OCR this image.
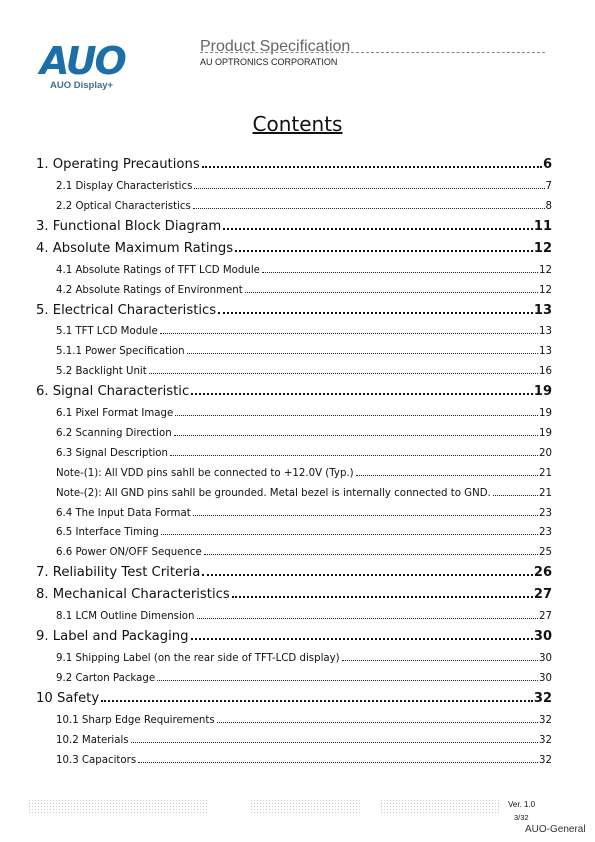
AUO
AUO Display+
Product Specification
AU OPTRONICS CORPORATION
Contents
1. Operating Precautions	6
2.1 Display Characteristics	7
2.2 Optical Characteristics	8
3. Functional Block Diagram	11
4. Absolute Maximum Ratings	12
4.1 Absolute Ratings of TFT LCD Module	12
4.2 Absolute Ratings of Environment	12
5. Electrical Characteristics	13
5.1 TFT LCD Module	13
5.1.1 Power Specification	13
5.2 Backlight Unit	16
6. Signal Characteristic	19
6.1 Pixel Format Image	19
6.2 Scanning Direction	19
6.3 Signal Description	20
Note-(1): All VDD pins sahll be connected to +12.0V (Typ.)	21
Note-(2): All GND pins sahll be grounded. Metal bezel is internally connected to GND.	21
6.4 The Input Data Format	23
6.5 Interface Timing	23
6.6 Power ON/OFF Sequence	25
7. Reliability Test Criteria	26
8. Mechanical Characteristics	27
8.1 LCM Outline Dimension	27
9. Label and Packaging	30
9.1 Shipping Label (on the rear side of TFT-LCD display)	30
9.2 Carton Package	30
10 Safety	32
10.1 Sharp Edge Requirements	32
10.2 Materials	32
10.3 Capacitors	32
Ver. 1.0
3/32
AUO-General
